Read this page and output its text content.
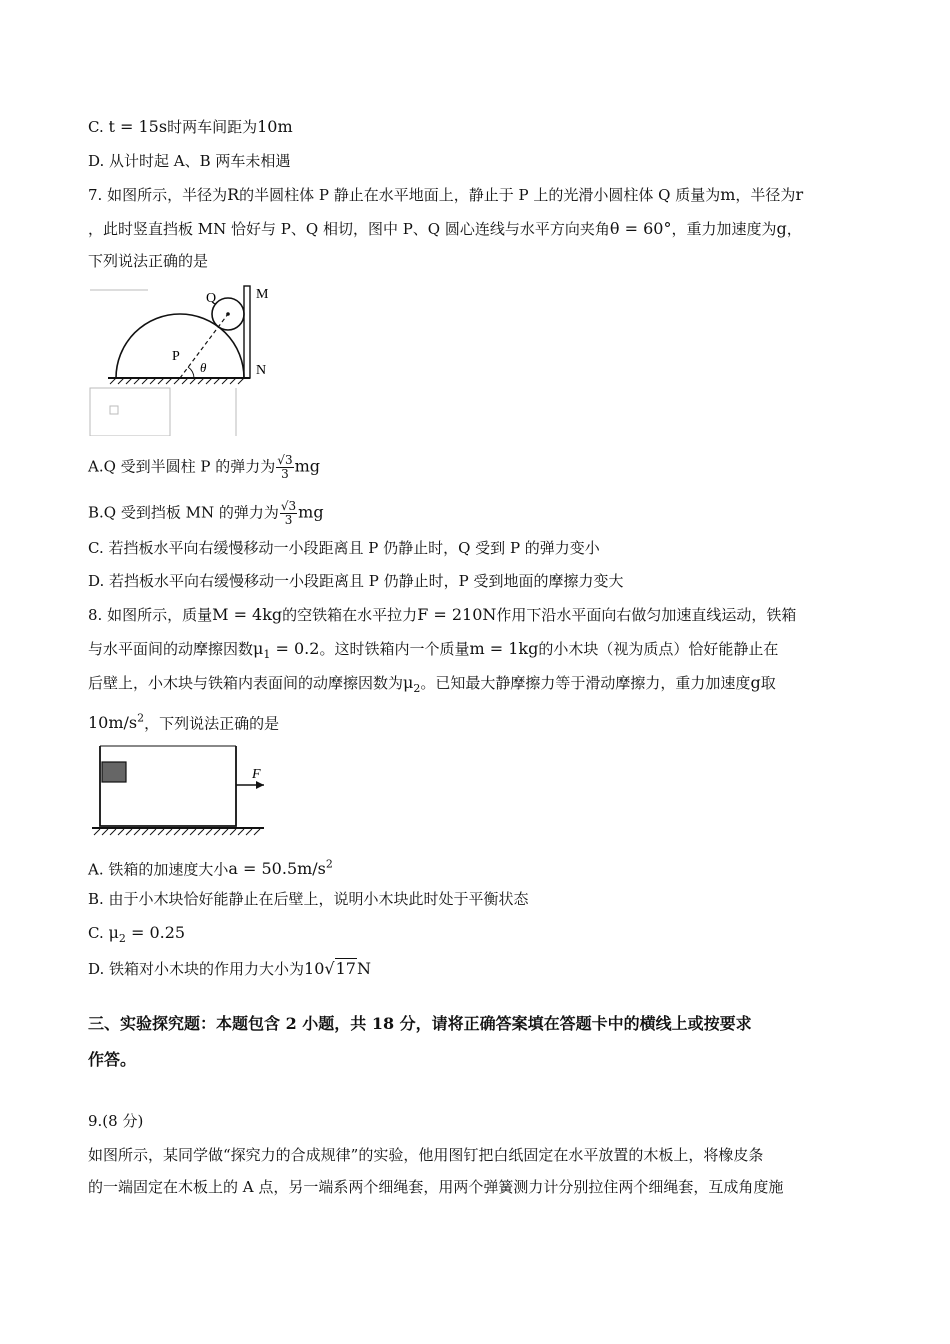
C. t = 15s时两车间距为10m
D. 从计时起 A、B 两车未相遇
7. 如图所示，半径为R的半圆柱体 P 静止在水平地面上，静止于 P 上的光滑小圆柱体 Q 质量为m，半径为r
，此时竖直挡板 MN 恰好与 P、Q 相切，图中 P、Q 圆心连线与水平方向夹角θ = 60°，重力加速度为g，
下列说法正确的是
Q	M
P
N
θ
A.Q 受到半圆柱 P 的弹力为 $\frac{√3}{3}$ mg
B.Q 受到挡板 MN 的弹力为 $\frac{√3}{3}$ mg
C. 若挡板水平向右缓慢移动一小段距离且 P 仍静止时，Q 受到 P 的弹力变小
D. 若挡板水平向右缓慢移动一小段距离且 P 仍静止时，P 受到地面的摩擦力变大
8. 如图所示，质量M = 4kg的空铁箱在水平拉力F = 210N作用下沿水平面向右做匀加速直线运动，铁箱
与水平面间的动摩擦因数$\mu_1 = 0.2$。这时铁箱内一个质量m = 1kg的小木块（视为质点）恰好能静止在
后壁上，小木块与铁箱内表面间的动摩擦因数为$\mu_2$。已知最大静摩擦力等于滑动摩擦力，重力加速度g取
$10m/s^2$，下列说法正确的是
F
A. 铁箱的加速度大小$a = 50.5m/s^2$
B. 由于小木块恰好能静止在后壁上，说明小木块此时处于平衡状态
C. $\mu_2 = 0.25$
D. 铁箱对小木块的作用力大小为10√17N
三、实验探究题：本题包含 2 小题，共 18 分，请将正确答案填在答题卡中的横线上或按要求
作答。
9.(8 分)
如图所示，某同学做“探究力的合成规律”的实验，他用图钉把白纸固定在水平放置的木板上，将橡皮条
的一端固定在木板上的 A 点，另一端系两个细绳套，用两个弹簧测力计分别拉住两个细绳套，互成角度施
